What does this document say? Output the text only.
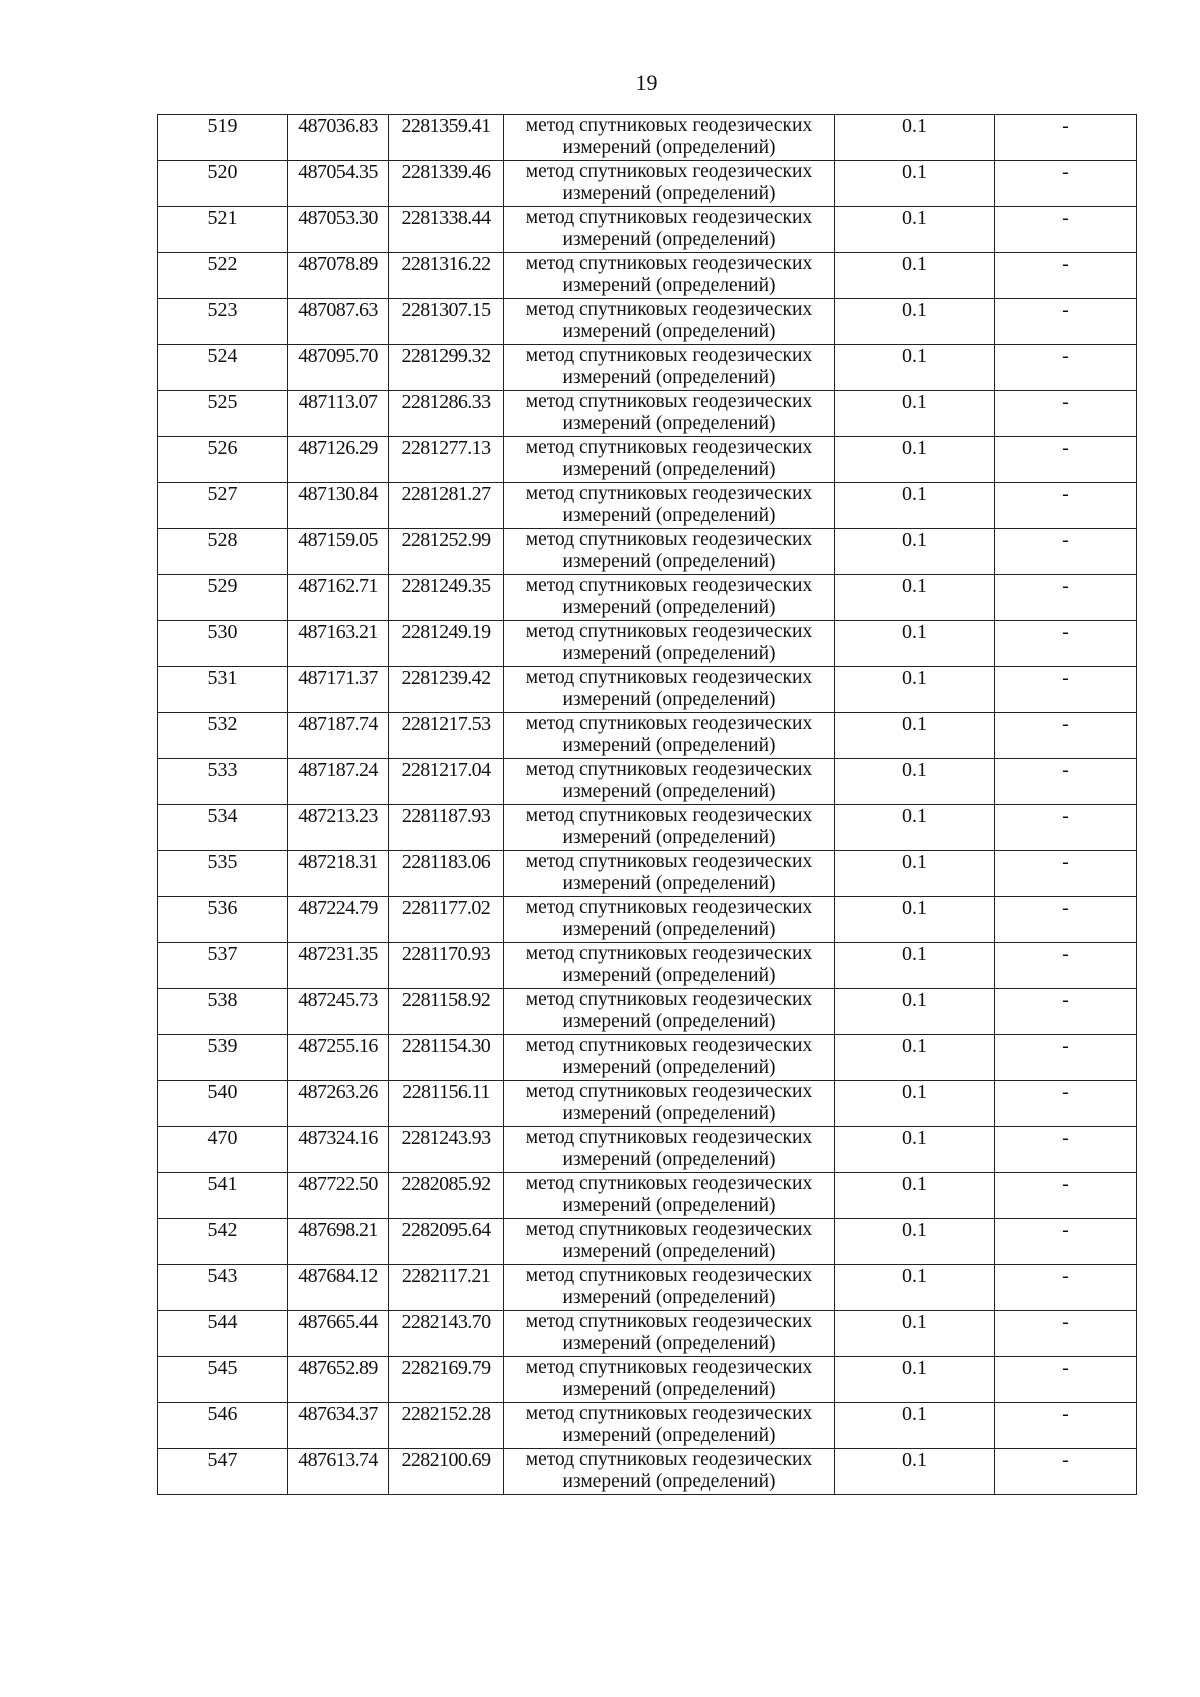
19
519	487036.83	2281359.41	метод спутниковых геодезических
измерений (определений)	0.1	-
520	487054.35	2281339.46	метод спутниковых геодезических
измерений (определений)	0.1	-
521	487053.30	2281338.44	метод спутниковых геодезических
измерений (определений)	0.1	-
522	487078.89	2281316.22	метод спутниковых геодезических
измерений (определений)	0.1	-
523	487087.63	2281307.15	метод спутниковых геодезических
измерений (определений)	0.1	-
524	487095.70	2281299.32	метод спутниковых геодезических
измерений (определений)	0.1	-
525	487113.07	2281286.33	метод спутниковых геодезических
измерений (определений)	0.1	-
526	487126.29	2281277.13	метод спутниковых геодезических
измерений (определений)	0.1	-
527	487130.84	2281281.27	метод спутниковых геодезических
измерений (определений)	0.1	-
528	487159.05	2281252.99	метод спутниковых геодезических
измерений (определений)	0.1	-
529	487162.71	2281249.35	метод спутниковых геодезических
измерений (определений)	0.1	-
530	487163.21	2281249.19	метод спутниковых геодезических
измерений (определений)	0.1	-
531	487171.37	2281239.42	метод спутниковых геодезических
измерений (определений)	0.1	-
532	487187.74	2281217.53	метод спутниковых геодезических
измерений (определений)	0.1	-
533	487187.24	2281217.04	метод спутниковых геодезических
измерений (определений)	0.1	-
534	487213.23	2281187.93	метод спутниковых геодезических
измерений (определений)	0.1	-
535	487218.31	2281183.06	метод спутниковых геодезических
измерений (определений)	0.1	-
536	487224.79	2281177.02	метод спутниковых геодезических
измерений (определений)	0.1	-
537	487231.35	2281170.93	метод спутниковых геодезических
измерений (определений)	0.1	-
538	487245.73	2281158.92	метод спутниковых геодезических
измерений (определений)	0.1	-
539	487255.16	2281154.30	метод спутниковых геодезических
измерений (определений)	0.1	-
540	487263.26	2281156.11	метод спутниковых геодезических
измерений (определений)	0.1	-
470	487324.16	2281243.93	метод спутниковых геодезических
измерений (определений)	0.1	-
541	487722.50	2282085.92	метод спутниковых геодезических
измерений (определений)	0.1	-
542	487698.21	2282095.64	метод спутниковых геодезических
измерений (определений)	0.1	-
543	487684.12	2282117.21	метод спутниковых геодезических
измерений (определений)	0.1	-
544	487665.44	2282143.70	метод спутниковых геодезических
измерений (определений)	0.1	-
545	487652.89	2282169.79	метод спутниковых геодезических
измерений (определений)	0.1	-
546	487634.37	2282152.28	метод спутниковых геодезических
измерений (определений)	0.1	-
547	487613.74	2282100.69	метод спутниковых геодезических
измерений (определений)	0.1	-
